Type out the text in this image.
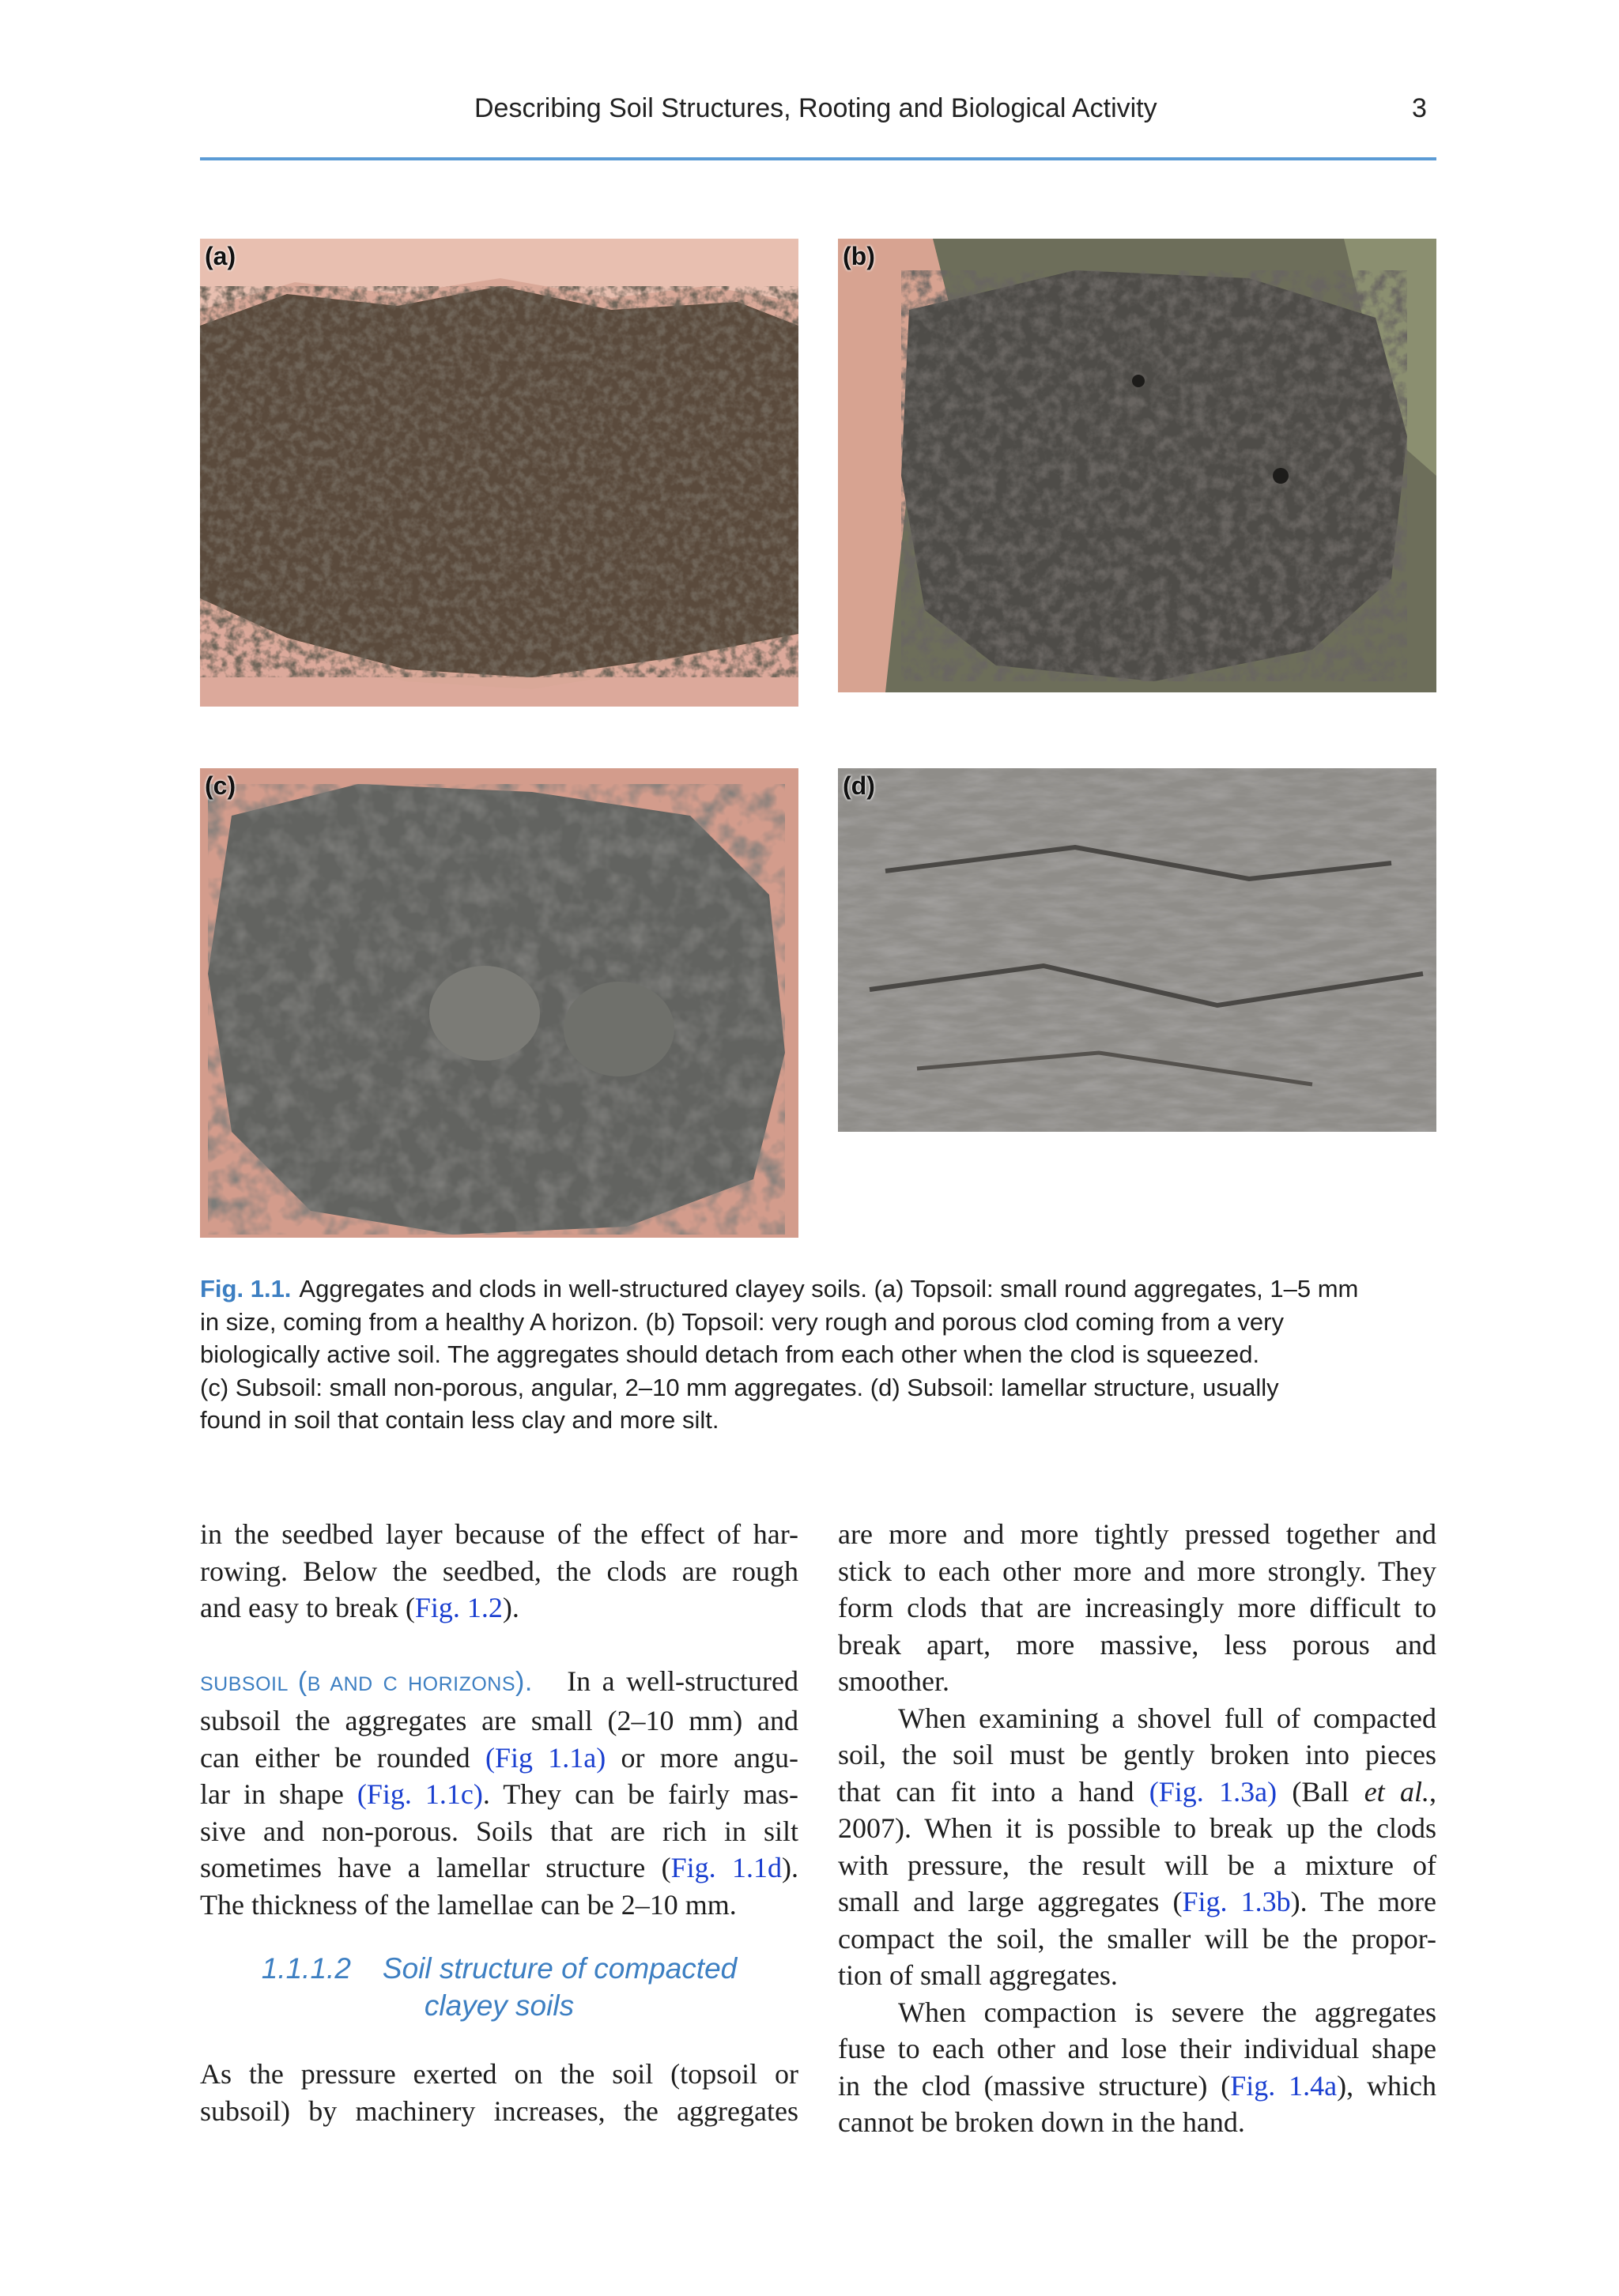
Describing Soil Structures, Rooting and Biological Activity	3
(a)	(b)
(c)	(d)
Fig. 1.1. Aggregates and clods in well-structured clayey soils. (a) Topsoil: small round aggregates, 1–5 mm
in size, coming from a healthy A horizon. (b) Topsoil: very rough and porous clod coming from a very
biologically active soil. The aggregates should detach from each other when the clod is squeezed.
(c) Subsoil: small non-porous, angular, 2–10 mm aggregates. (d) Subsoil: lamellar structure, usually
found in soil that contain less clay and more silt.
in the seedbed layer because of the effect of har-
rowing. Below the seedbed, the clods are rough
and easy to break (Fig. 1.2).
SUBSOIL (B AND C HORIZONS). In a well-structured
subsoil the aggregates are small (2–10 mm) and
can either be rounded (Fig 1.1a) or more angu-
lar in shape (Fig. 1.1c). They can be fairly mas-
sive and non-porous. Soils that are rich in silt
sometimes have a lamellar structure (Fig. 1.1d).
The thickness of the lamellae can be 2–10 mm.
1.1.1.2 Soil structure of compacted
clayey soils
As the pressure exerted on the soil (topsoil or
subsoil) by machinery increases, the aggregates
are more and more tightly pressed together and
stick to each other more and more strongly. They
form clods that are increasingly more difficult to
break apart, more massive, less porous and
smoother.
When examining a shovel full of compacted
soil, the soil must be gently broken into pieces
that can fit into a hand (Fig. 1.3a) (Ball et al.,
2007). When it is possible to break up the clods
with pressure, the result will be a mixture of
small and large aggregates (Fig. 1.3b). The more
compact the soil, the smaller will be the propor-
tion of small aggregates.
When compaction is severe the aggregates
fuse to each other and lose their individual shape
in the clod (massive structure) (Fig. 1.4a), which
cannot be broken down in the hand.
